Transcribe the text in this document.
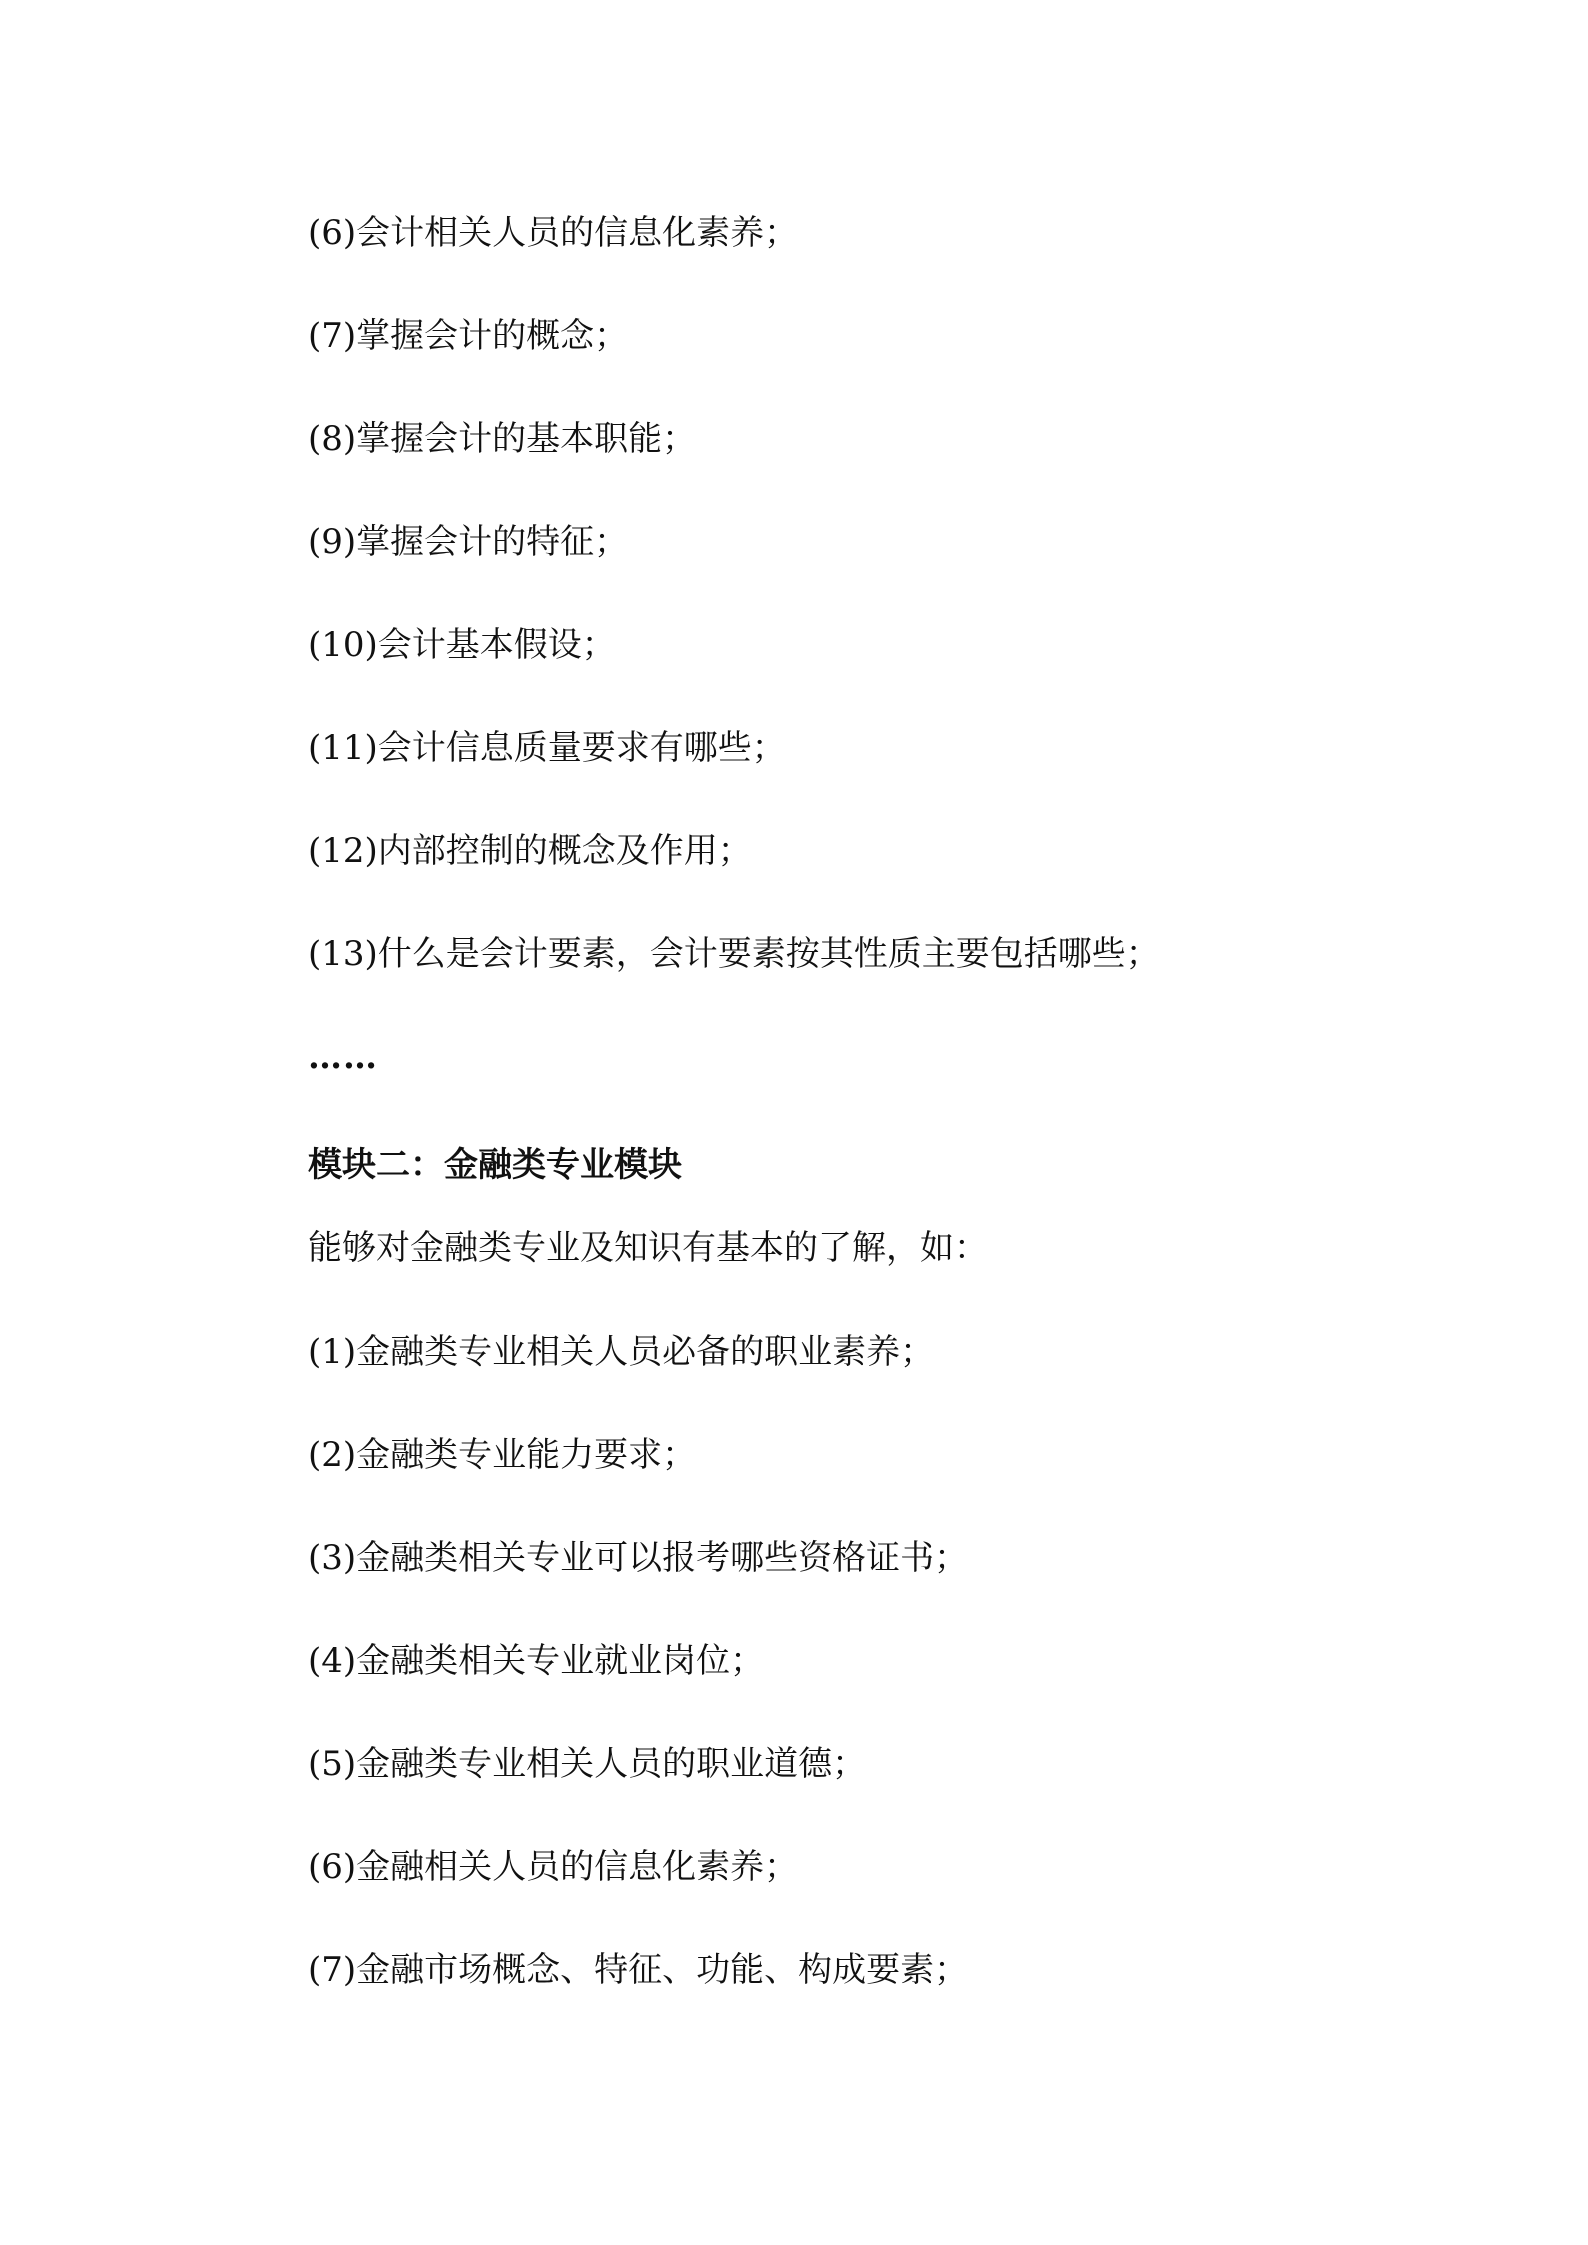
(6)会计相关人员的信息化素养；
(7)掌握会计的概念；
(8)掌握会计的基本职能；
(9)掌握会计的特征；
(10)会计基本假设；
(11)会计信息质量要求有哪些；
(12)内部控制的概念及作用；
(13)什么是会计要素，会计要素按其性质主要包括哪些；
……
模块二：金融类专业模块
能够对金融类专业及知识有基本的了解，如：
(1)金融类专业相关人员必备的职业素养；
(2)金融类专业能力要求；
(3)金融类相关专业可以报考哪些资格证书；
(4)金融类相关专业就业岗位；
(5)金融类专业相关人员的职业道德；
(6)金融相关人员的信息化素养；
(7)金融市场概念、特征、功能、构成要素；
